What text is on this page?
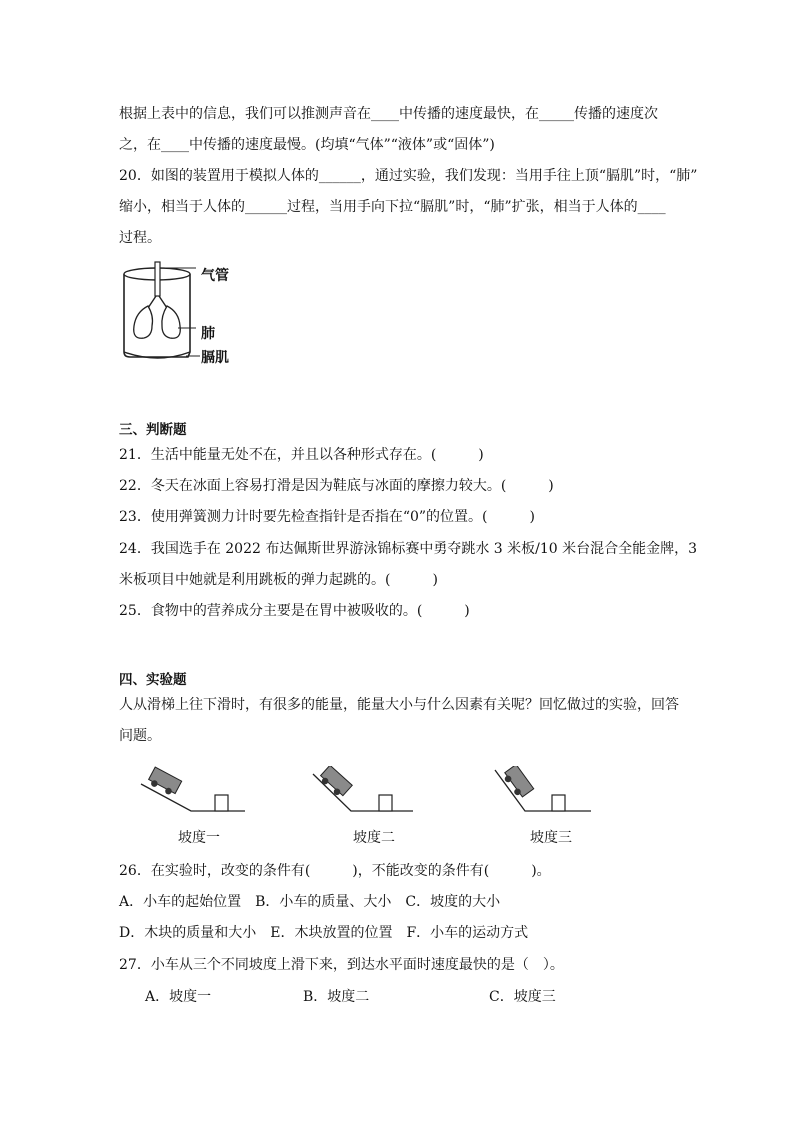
根据上表中的信息，我们可以推测声音在____中传播的速度最快，在_____传播的速度次
之，在____中传播的速度最慢。(均填“气体”“液体”或“固体”)
20．如图的装置用于模拟人体的______，通过实验，我们发现：当用手往上顶“膈肌”时，“肺”
缩小，相当于人体的______过程，当用手向下拉“膈肌”时，“肺”扩张，相当于人体的____
过程。
气管
肺
膈肌
三、判断题
21．生活中能量无处不在，并且以各种形式存在。(　　　)
22．冬天在冰面上容易打滑是因为鞋底与冰面的摩擦力较大。(　　　)
23．使用弹簧测力计时要先检查指针是否指在“0”的位置。(　　　)
24．我国选手在 2022 布达佩斯世界游泳锦标赛中勇夺跳水 3 米板/10 米台混合全能金牌，3
米板项目中她就是利用跳板的弹力起跳的。(　　　)
25．食物中的营养成分主要是在胃中被吸收的。(　　　)
四、实验题
人从滑梯上往下滑时，有很多的能量，能量大小与什么因素有关呢？回忆做过的实验，回答
问题。
坡度一	坡度二	坡度三
26．在实验时，改变的条件有(　　　)，不能改变的条件有(　　　)。
A．小车的起始位置　B．小车的质量、大小　C．坡度的大小
D．木块的质量和大小　E．木块放置的位置　F．小车的运动方式
27．小车从三个不同坡度上滑下来，到达水平面时速度最快的是（　）。
A．坡度一	B．坡度二	C．坡度三
